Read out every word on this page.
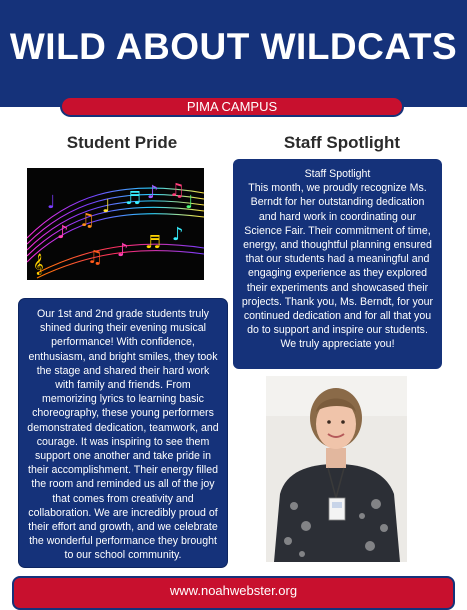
WILD ABOUT WILDCATS
PIMA CAMPUS
Student Pride	Staff Spotlight
𝄞
♪
♫
♩ ♬ ♪ ♫
♩
♫ ♪ ♬ ♪
♩
Our 1st and 2nd grade students truly shined during their evening musical performance! With confidence, enthusiasm, and bright smiles, they took the stage and shared their hard work with family and friends. From memorizing lyrics to learning basic choreography, these young performers demonstrated dedication, teamwork, and courage. It was inspiring to see them support one another and take pride in their accomplishment. Their energy filled the room and reminded us all of the joy that comes from creativity and collaboration. We are incredibly proud of their effort and growth, and we celebrate the wonderful performance they brought to our school community.
Staff Spotlight
This month, we proudly recognize Ms. Berndt for her outstanding dedication and hard work in coordinating our Science Fair. Their commitment of time, energy, and thoughtful planning ensured that our students had a meaningful and engaging experience as they explored their experiments and showcased their projects. Thank you, Ms. Berndt, for your continued dedication and for all that you do to support and inspire our students. We truly appreciate you!
www.noahwebster.org
